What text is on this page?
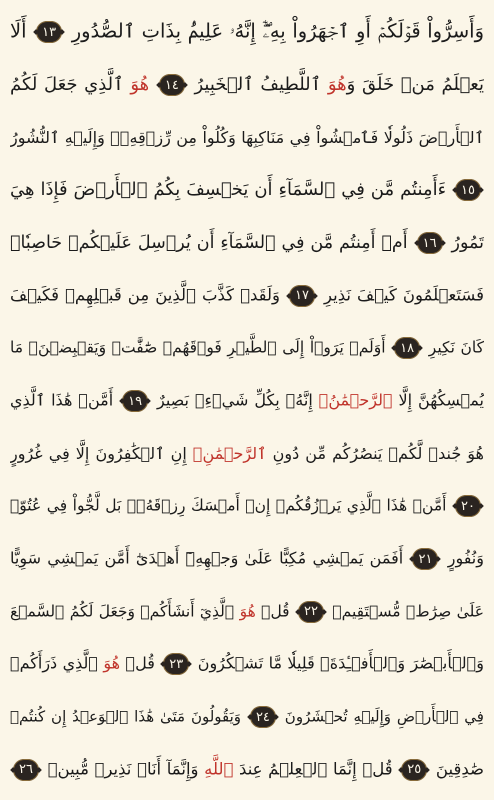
وَأَسِرُّواْ قَوۡلَكُمۡ أَوِ ٱجۡهَرُواْ بِهِۦٓۖ إِنَّهُۥ عَلِيمُۢ بِذَاتِ ٱلصُّدُورِ ١٣ أَلَا
يَعۡلَمُ مَنۡ خَلَقَ وَهُوَ ٱللَّطِيفُ ٱلۡخَبِيرُ ١٤ هُوَ ٱلَّذِي جَعَلَ لَكُمُ
ٱلۡأَرۡضَ ذَلُولٗا فَٱمۡشُواْ فِي مَنَاكِبِهَا وَكُلُواْ مِن رِّزۡقِهِۦۖ وَإِلَيۡهِ ٱلنُّشُورُ
١٥ ءَأَمِنتُم مَّن فِي ٱلسَّمَآءِ أَن يَخۡسِفَ بِكُمُ ٱلۡأَرۡضَ فَإِذَا هِيَ
تَمُورُ ١٦ أَمۡ أَمِنتُم مَّن فِي ٱلسَّمَآءِ أَن يُرۡسِلَ عَلَيۡكُمۡ حَاصِبٗاۖ
فَسَتَعۡلَمُونَ كَيۡفَ نَذِيرِ ١٧ وَلَقَدۡ كَذَّبَ ٱلَّذِينَ مِن قَبۡلِهِمۡ فَكَيۡفَ
كَانَ نَكِيرِ ١٨ أَوَلَمۡ يَرَوۡاْ إِلَى ٱلطَّيۡرِ فَوۡقَهُمۡ صَٰٓفَّٰتٖ وَيَقۡبِضۡنَۚ مَا
يُمۡسِكُهُنَّ إِلَّا ٱلرَّحۡمَٰنُۚ إِنَّهُۥ بِكُلِّ شَيۡءِۭ بَصِيرٌ ١٩ أَمَّنۡ هَٰذَا ٱلَّذِي
هُوَ جُندٞ لَّكُمۡ يَنصُرُكُم مِّن دُونِ ٱلرَّحۡمَٰنِۚ إِنِ ٱلۡكَٰفِرُونَ إِلَّا فِي غُرُورٍ
٢٠ أَمَّنۡ هَٰذَا ٱلَّذِي يَرۡزُقُكُمۡ إِنۡ أَمۡسَكَ رِزۡقَهُۥۚ بَل لَّجُّواْ فِي عُتُوّٖ
وَنُفُورٍ ٢١ أَفَمَن يَمۡشِي مُكِبًّا عَلَىٰ وَجۡهِهِۦٓ أَهۡدَىٰٓ أَمَّن يَمۡشِي سَوِيًّا
عَلَىٰ صِرَٰطٖ مُّسۡتَقِيمٖ ٢٢ قُلۡ هُوَ ٱلَّذِيٓ أَنشَأَكُمۡ وَجَعَلَ لَكُمُ ٱلسَّمۡعَ
وَٱلۡأَبۡصَٰرَ وَٱلۡأَفۡـِٔدَةَۚ قَلِيلٗا مَّا تَشۡكُرُونَ ٢٣ قُلۡ هُوَ ٱلَّذِي ذَرَأَكُمۡ
فِي ٱلۡأَرۡضِ وَإِلَيۡهِ تُحۡشَرُونَ ٢٤ وَيَقُولُونَ مَتَىٰ هَٰذَا ٱلۡوَعۡدُ إِن كُنتُمۡ
صَٰدِقِينَ ٢٥ قُلۡ إِنَّمَا ٱلۡعِلۡمُ عِندَ ٱللَّهِ وَإِنَّمَآ أَنَا۠ نَذِيرٞ مُّبِينٞ ٢٦
